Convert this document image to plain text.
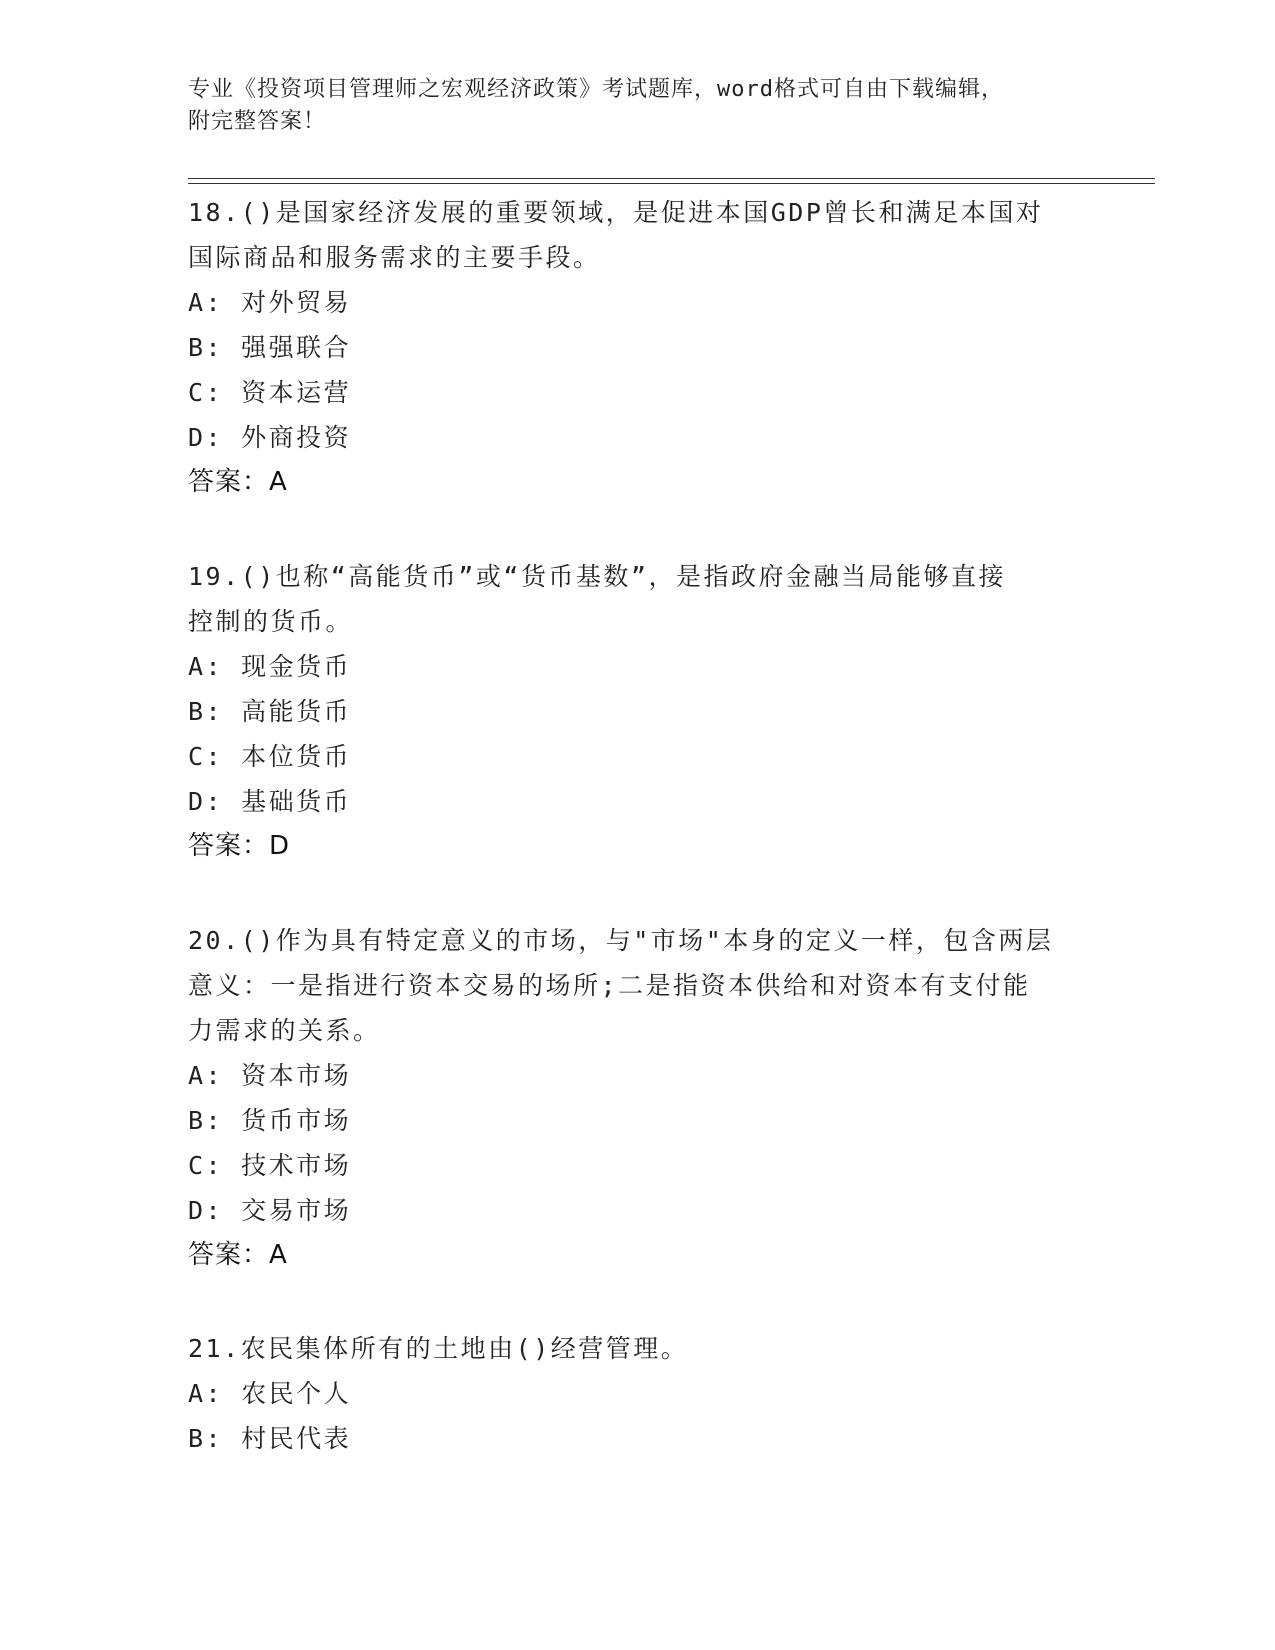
专业《投资项目管理师之宏观经济政策》考试题库，word格式可自由下载编辑，
附完整答案！
18.()是国家经济发展的重要领域，是促进本国GDP曾长和满足本国对
国际商品和服务需求的主要手段。
A: 对外贸易
B: 强强联合
C: 资本运营
D: 外商投资
答案：A
19.()也称“高能货币”或“货币基数”，是指政府金融当局能够直接
控制的货币。
A: 现金货币
B: 高能货币
C: 本位货币
D: 基础货币
答案：D
20.()作为具有特定意义的市场，与"市场"本身的定义一样，包含两层
意义：一是指进行资本交易的场所;二是指资本供给和对资本有支付能
力需求的关系。
A: 资本市场
B: 货币市场
C: 技术市场
D: 交易市场
答案：A
21.农民集体所有的土地由()经营管理。
A: 农民个人
B: 村民代表
